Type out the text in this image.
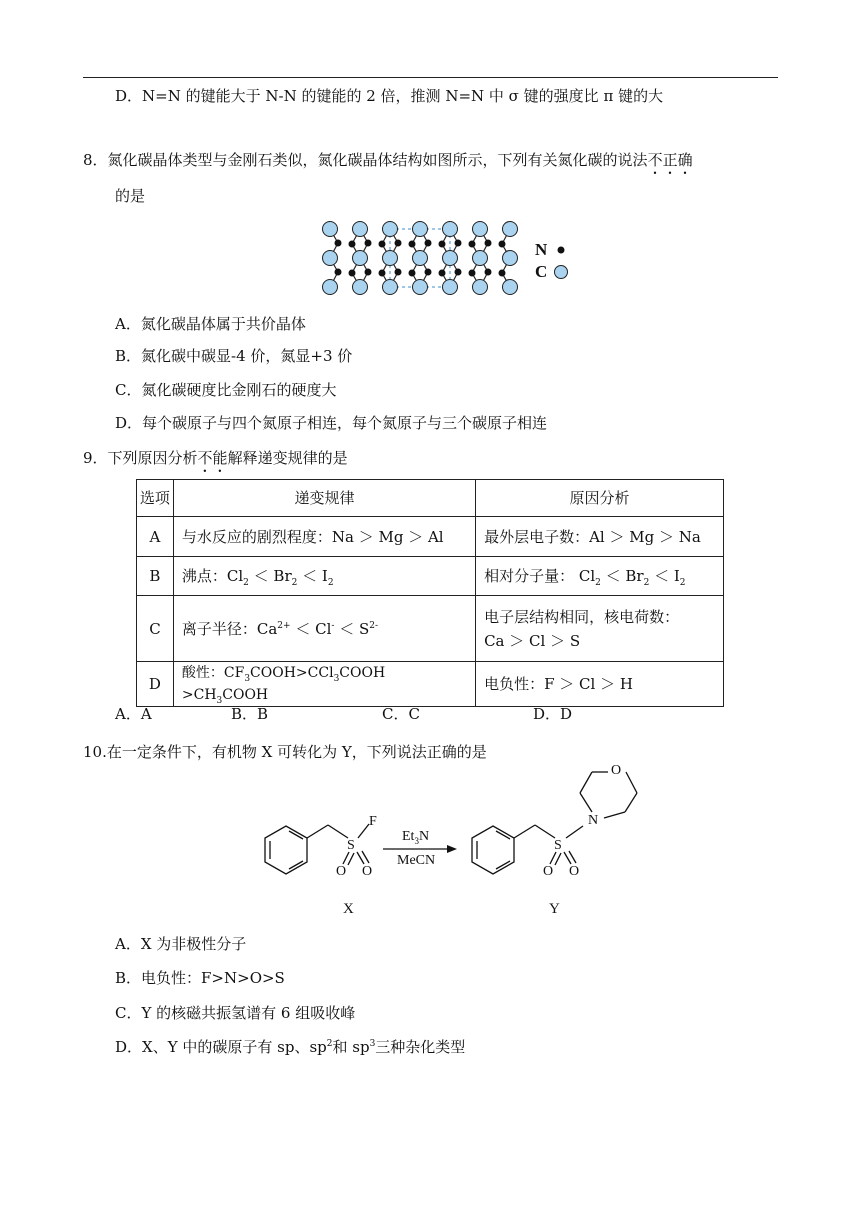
D．N=N 的键能大于 N-N 的键能的 2 倍，推测 N=N 中 σ 键的强度比 π 键的大
8．氮化碳晶体类型与金刚石类似，氮化碳晶体结构如图所示，下列有关氮化碳的说法不正确
的是
N
C
A．氮化碳晶体属于共价晶体
B．氮化碳中碳显-4 价，氮显+3 价
C．氮化碳硬度比金刚石的硬度大
D．每个碳原子与四个氮原子相连，每个氮原子与三个碳原子相连
9．下列原因分析不能解释递变规律的是
选项	递变规律	原因分析
A	与水反应的剧烈程度：Na ＞ Mg ＞ Al	最外层电子数：Al ＞ Mg ＞ Na
B	沸点：$Cl_2 < Br_2 < I_2$	相对分子量： $Cl_2 < Br_2 < I_2$
C	离子半径：$Ca^{2+} < Cl^- < S^{2-}$	电子层结构相同，核电荷数：
Ca ＞ Cl ＞ S

D	酸性：$CF_3COOH>CCl_3COOH$ $>CH_3COOH$	电负性：F ＞ Cl ＞ H
A．A	B．B	C．C	D．D
10.在一定条件下，有机物 X 可转化为 Y，下列说法正确的是
S
F
O O
$Et_3N$
MeCN
S
O O
N
O
X	Y
A．X 为非极性分子
B．电负性：F>N>O>S
C．Y 的核磁共振氢谱有 6 组吸收峰
D．X、Y 中的碳原子有 sp、$sp^2$和 $sp^3$三种杂化类型
